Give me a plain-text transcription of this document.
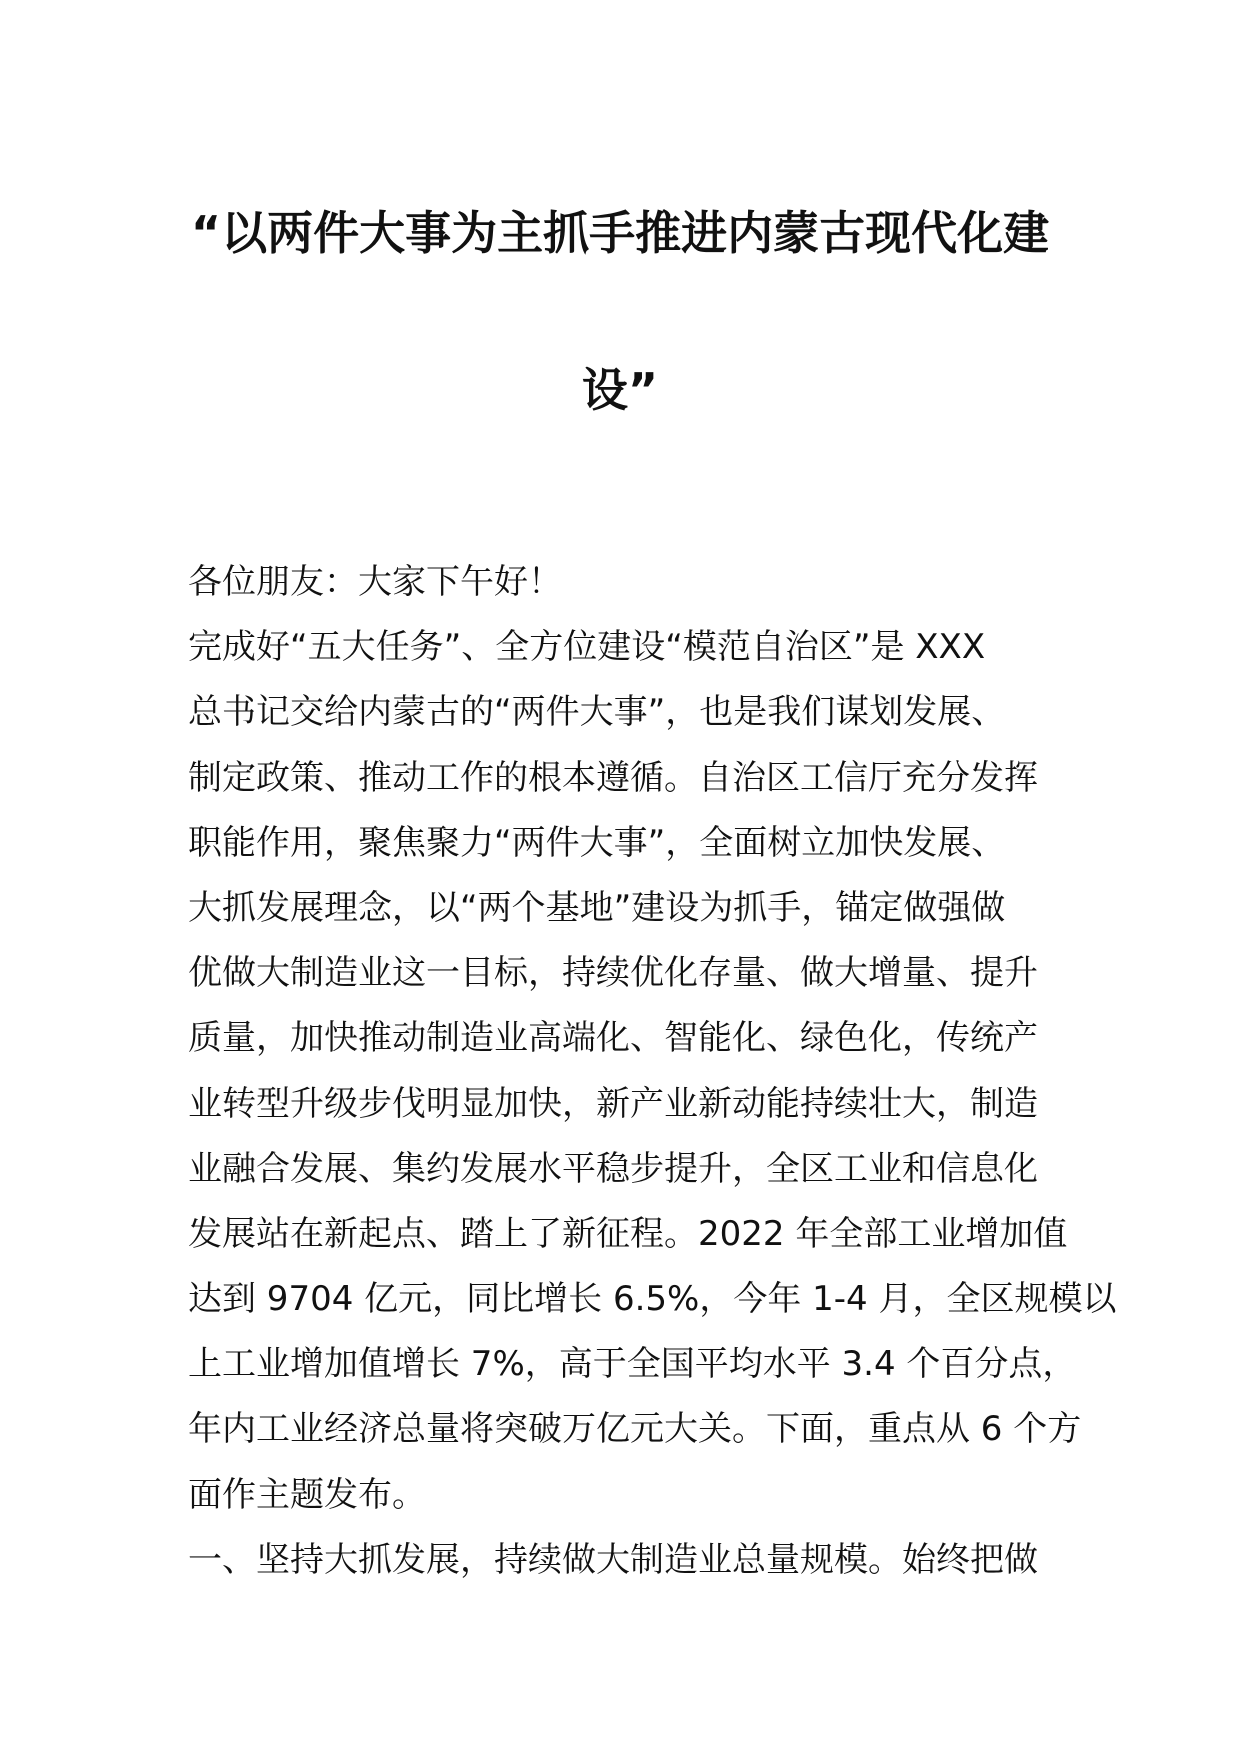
“以两件大事为主抓手推进内蒙古现代化建
设”
各位朋友：大家下午好！
完成好“五大任务”、全方位建设“模范自治区”是 XXX
总书记交给内蒙古的“两件大事”，也是我们谋划发展、
制定政策、推动工作的根本遵循。自治区工信厅充分发挥
职能作用，聚焦聚力“两件大事”，全面树立加快发展、
大抓发展理念，以“两个基地”建设为抓手，锚定做强做
优做大制造业这一目标，持续优化存量、做大增量、提升
质量，加快推动制造业高端化、智能化、绿色化，传统产
业转型升级步伐明显加快，新产业新动能持续壮大，制造
业融合发展、集约发展水平稳步提升，全区工业和信息化
发展站在新起点、踏上了新征程。2022 年全部工业增加值
达到 9704 亿元，同比增长 6.5%，今年 1-4 月，全区规模以
上工业增加值增长 7%，高于全国平均水平 3.4 个百分点，
年内工业经济总量将突破万亿元大关。下面，重点从 6 个方
面作主题发布。
一、坚持大抓发展，持续做大制造业总量规模。始终把做
